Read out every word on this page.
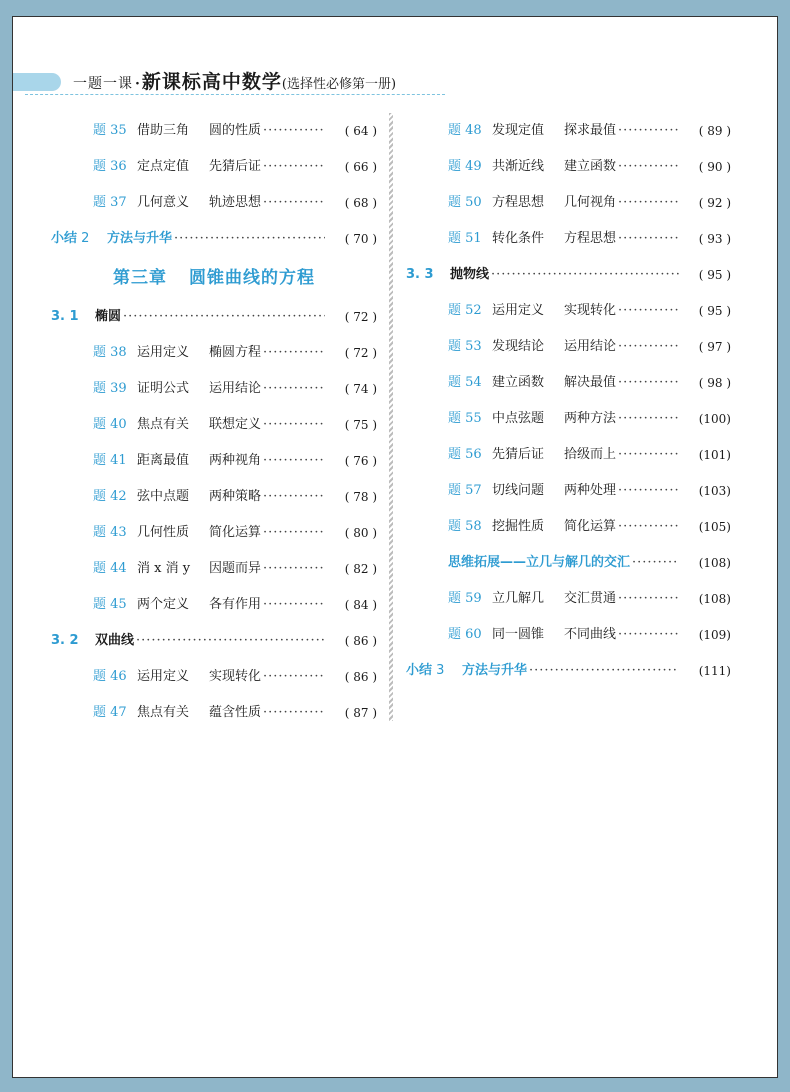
一题一课 · 新课标高中数学(选择性必修第一册)
题 35 借助三角 圆的性质 ·····	( 64 )
题 36 定点定值 先猜后证 ·····	( 66 )
题 37 几何意义 轨迹思想 ·····	( 68 )
小结 2	方法与升华 ·····	( 70 )
第三章 圆锥曲线的方程
3. 1	椭圆 ·····	( 72 )
题 38 运用定义 椭圆方程 ·····	( 72 )
题 39 证明公式 运用结论 ·····	( 74 )
题 40 焦点有关 联想定义 ·····	( 75 )
题 41 距离最值 两种视角 ·····	( 76 )
题 42 弦中点题 两种策略 ·····	( 78 )
题 43 几何性质 简化运算 ·····	( 80 )
题 44 消 x 消 y 因题而异 ·····	( 82 )
题 45 两个定义 各有作用 ·····	( 84 )
3. 2	双曲线 ·····	( 86 )
题 46 运用定义 实现转化 ·····	( 86 )
题 47 焦点有关 蕴含性质 ·····	( 87 )
题 48 发现定值 探求最值 ·····	( 89 )
题 49 共渐近线 建立函数 ·····	( 90 )
题 50 方程思想 几何视角 ·····	( 92 )
题 51 转化条件 方程思想 ·····	( 93 )
3. 3	抛物线 ·····	( 95 )
题 52 运用定义 实现转化 ·····	( 95 )
题 53 发现结论 运用结论 ·····	( 97 )
题 54 建立函数 解决最值 ·····	( 98 )
题 55 中点弦题 两种方法 ·····	(100)
题 56 先猜后证 拾级而上 ·····	(101)
题 57 切线问题 两种处理 ·····	(103)
题 58 挖掘性质 简化运算 ·····	(105)
思维拓展——立几与解几的交汇 ·····	(108)
题 59 立几解几 交汇贯通 ·····	(108)
题 60 同一圆锥 不同曲线 ·····	(109)
小结 3	方法与升华 ·····	(111)
